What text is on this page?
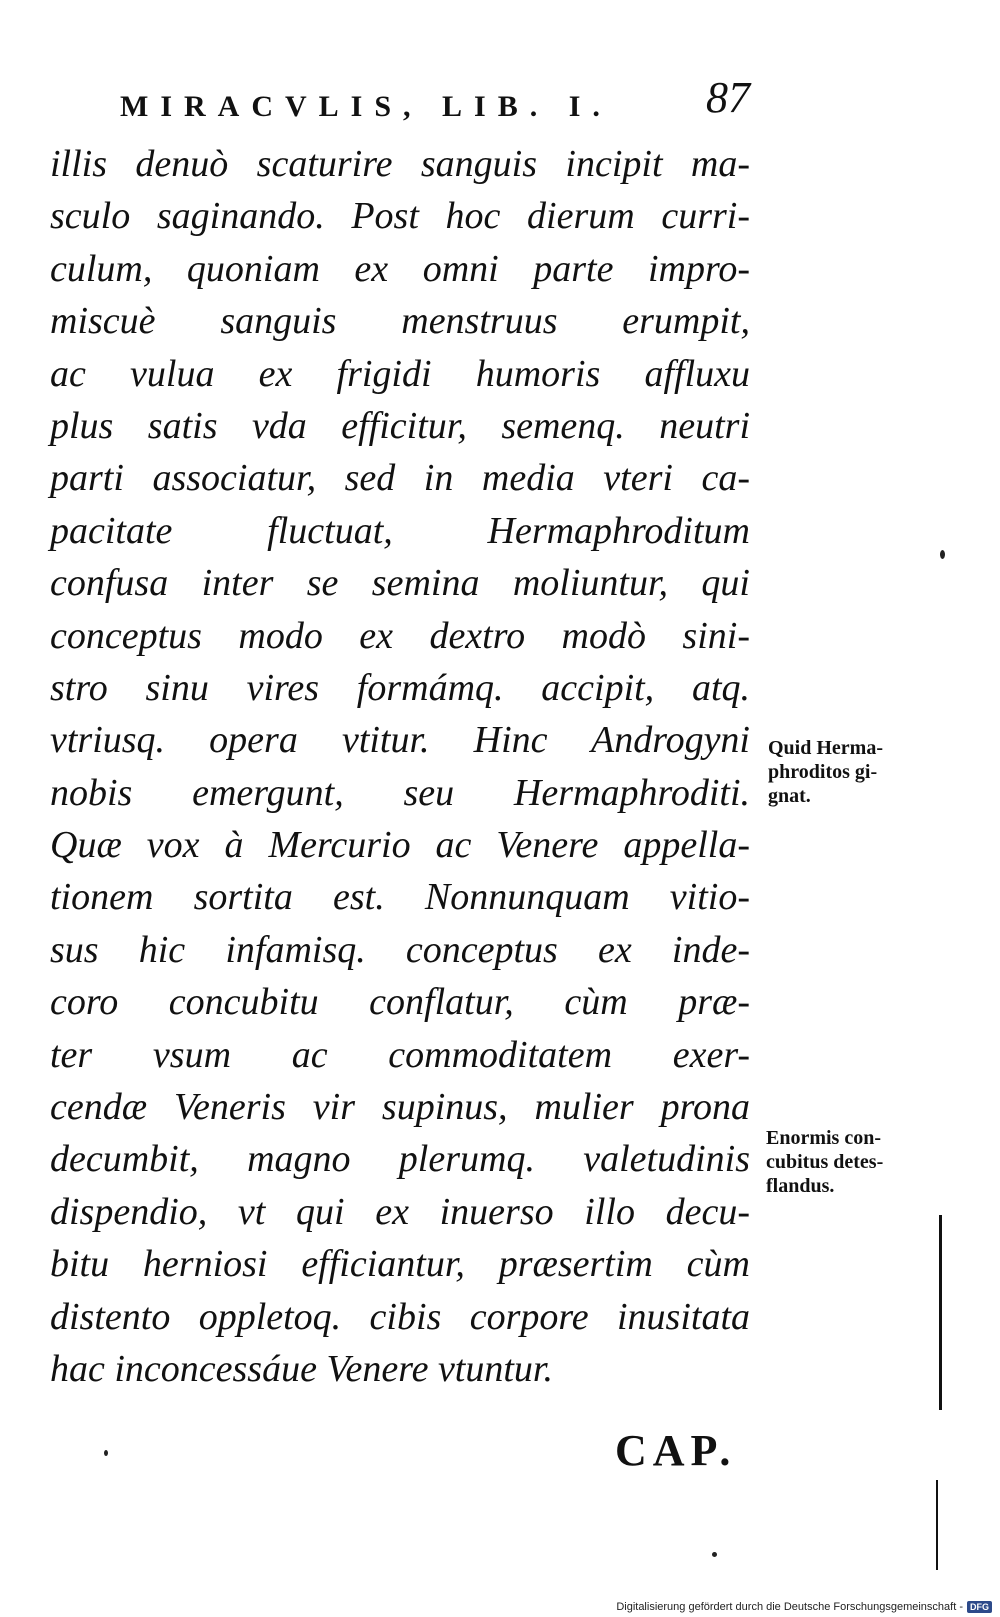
MIRACVLIS, LIB. I. 87
illis denuò scaturire sanguis incipit ma-
sculo saginando. Post hoc dierum curri-
culum, quoniam ex omni parte impro-
miscuè sanguis menstruus erumpit,
ac vulua ex frigidi humoris affluxu
plus satis vda efficitur, semenq. neutri
parti associatur, sed in media vteri ca-
pacitate fluctuat, Hermaphroditum
confusa inter se semina moliuntur, qui
conceptus modo ex dextro modò sini-
stro sinu vires formámq. accipit, atq.
vtriusq. opera vtitur. Hinc Androgyni
nobis emergunt, seu Hermaphroditi.
Quæ vox à Mercurio ac Venere appella-
tionem sortita est. Nonnunquam vitio-
sus hic infamisq. conceptus ex inde-
coro concubitu conflatur, cùm præ-
ter vsum ac commoditatem exer-
cendæ Veneris vir supinus, mulier prona
decumbit, magno plerumq. valetudinis
dispendio, vt qui ex inuerso illo decu-
bitu herniosi efficiantur, præsertim cùm
distento oppletoq. cibis corpore inusitata
hac inconcessáue Venere vtuntur.
Quid Herma-
phroditos gi-
gnat.
Enormis con-
cubitus detes-
flandus.
CAP.
Digitalisierung gefördert durch die Deutsche Forschungsgemeinschaft - DFG
